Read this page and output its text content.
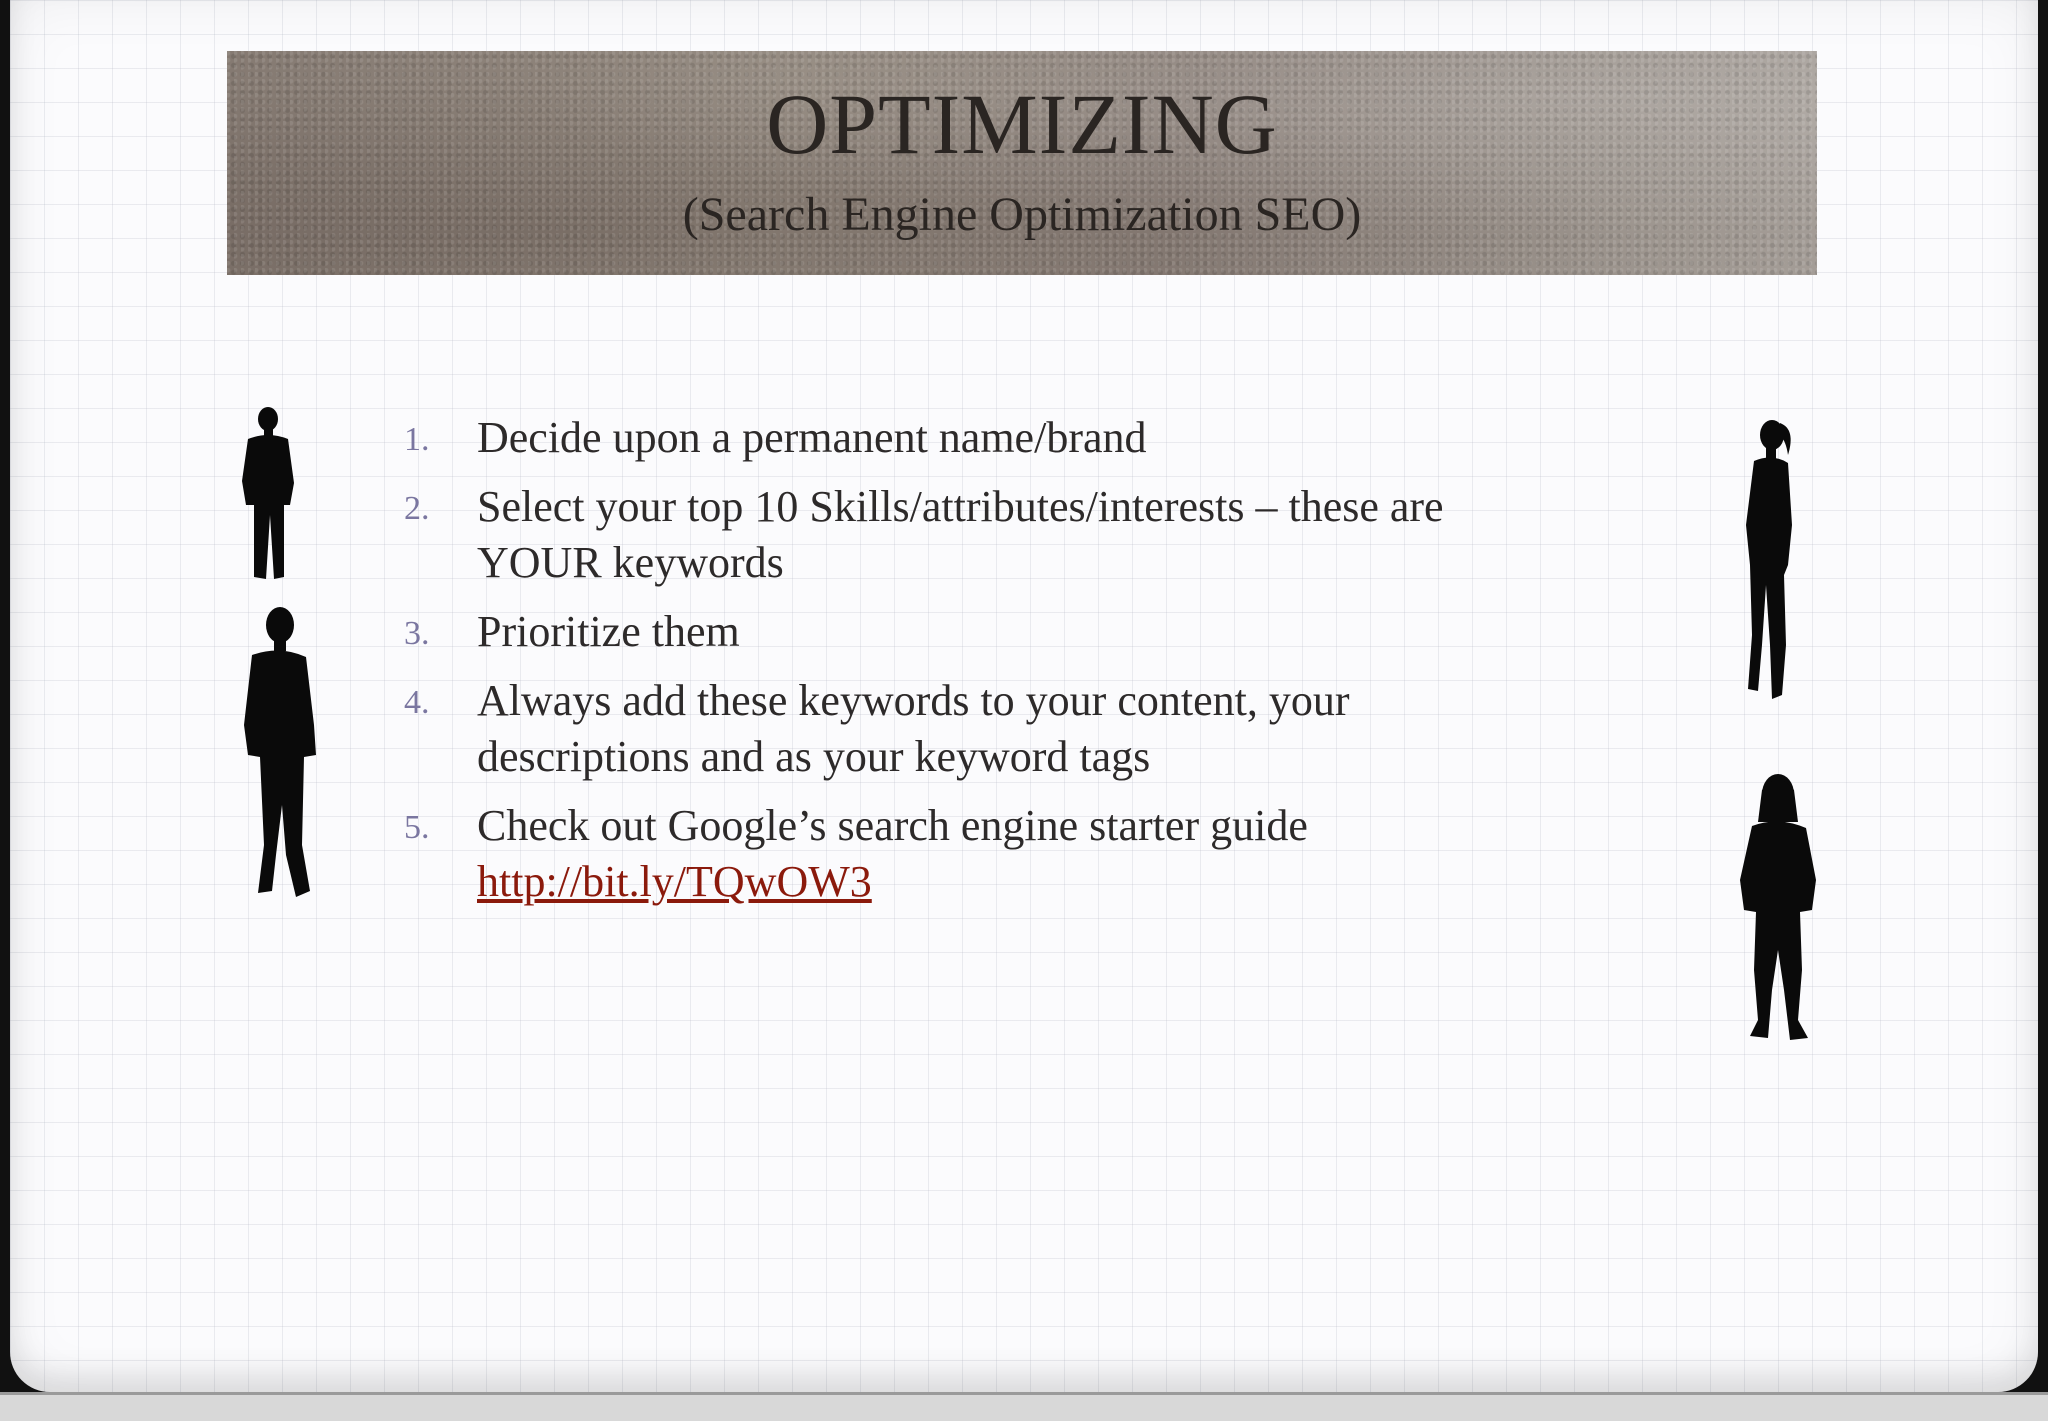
OPTIMIZING
(Search Engine Optimization SEO)
1. Decide upon a permanent name/brand
2. Select your top 10 Skills/attributes/interests – these are YOUR keywords
3. Prioritize them
4. Always add these keywords to your content, your descriptions and as your keyword tags
5. Check out Google’s search engine starter guide
http://bit.ly/TQwOW3
